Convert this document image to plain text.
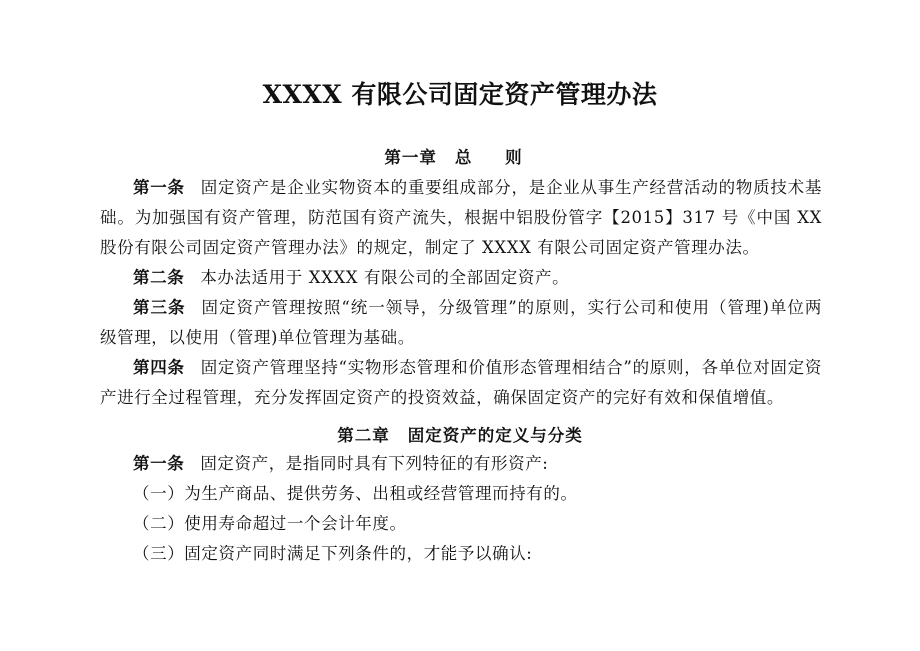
XXXX 有限公司固定资产管理办法
第一章 总 则
第一条 固定资产是企业实物资本的重要组成部分，是企业从事生产经营活动的物质技术基础。为加强国有资产管理，防范国有资产流失，根据中铝股份管字【2015】317 号《中国 XX 股份有限公司固定资产管理办法》的规定，制定了 XXXX 有限公司固定资产管理办法。
第二条 本办法适用于 XXXX 有限公司的全部固定资产。
第三条 固定资产管理按照“统一领导，分级管理”的原则，实行公司和使用（管理)单位两级管理，以使用（管理)单位管理为基础。
第四条 固定资产管理坚持“实物形态管理和价值形态管理相结合”的原则，各单位对固定资产进行全过程管理，充分发挥固定资产的投资效益，确保固定资产的完好有效和保值增值。
第二章 固定资产的定义与分类
第一条 固定资产，是指同时具有下列特征的有形资产:
（一）为生产商品、提供劳务、出租或经营管理而持有的。
（二）使用寿命超过一个会计年度。
（三）固定资产同时满足下列条件的，才能予以确认:
